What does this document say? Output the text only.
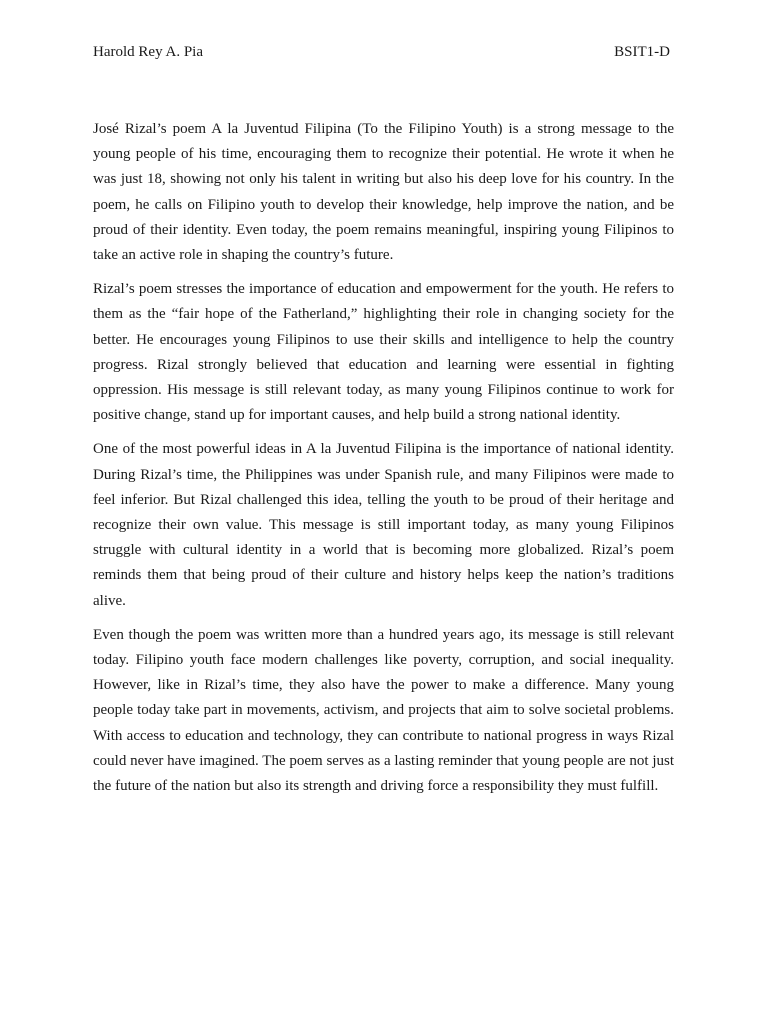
Harold Rey A. Pia	BSIT1-D

José Rizal’s poem A la Juventud Filipina (To the Filipino Youth) is a strong message to the young people of his time, encouraging them to recognize their potential. He wrote it when he was just 18, showing not only his talent in writing but also his deep love for his country. In the poem, he calls on Filipino youth to develop their knowledge, help improve the nation, and be proud of their identity. Even today, the poem remains meaningful, inspiring young Filipinos to take an active role in shaping the country’s future.

Rizal’s poem stresses the importance of education and empowerment for the youth. He refers to them as the “fair hope of the Fatherland,” highlighting their role in changing society for the better. He encourages young Filipinos to use their skills and intelligence to help the country progress. Rizal strongly believed that education and learning were essential in fighting oppression. His message is still relevant today, as many young Filipinos continue to work for positive change, stand up for important causes, and help build a strong national identity.

One of the most powerful ideas in A la Juventud Filipina is the importance of national identity. During Rizal’s time, the Philippines was under Spanish rule, and many Filipinos were made to feel inferior. But Rizal challenged this idea, telling the youth to be proud of their heritage and recognize their own value. This message is still important today, as many young Filipinos struggle with cultural identity in a world that is becoming more globalized. Rizal’s poem reminds them that being proud of their culture and history helps keep the nation’s traditions alive.

Even though the poem was written more than a hundred years ago, its message is still relevant today. Filipino youth face modern challenges like poverty, corruption, and social inequality. However, like in Rizal’s time, they also have the power to make a difference. Many young people today take part in movements, activism, and projects that aim to solve societal problems. With access to education and technology, they can contribute to national progress in ways Rizal could never have imagined. The poem serves as a lasting reminder that young people are not just the future of the nation but also its strength and driving force a responsibility they must fulfill.
